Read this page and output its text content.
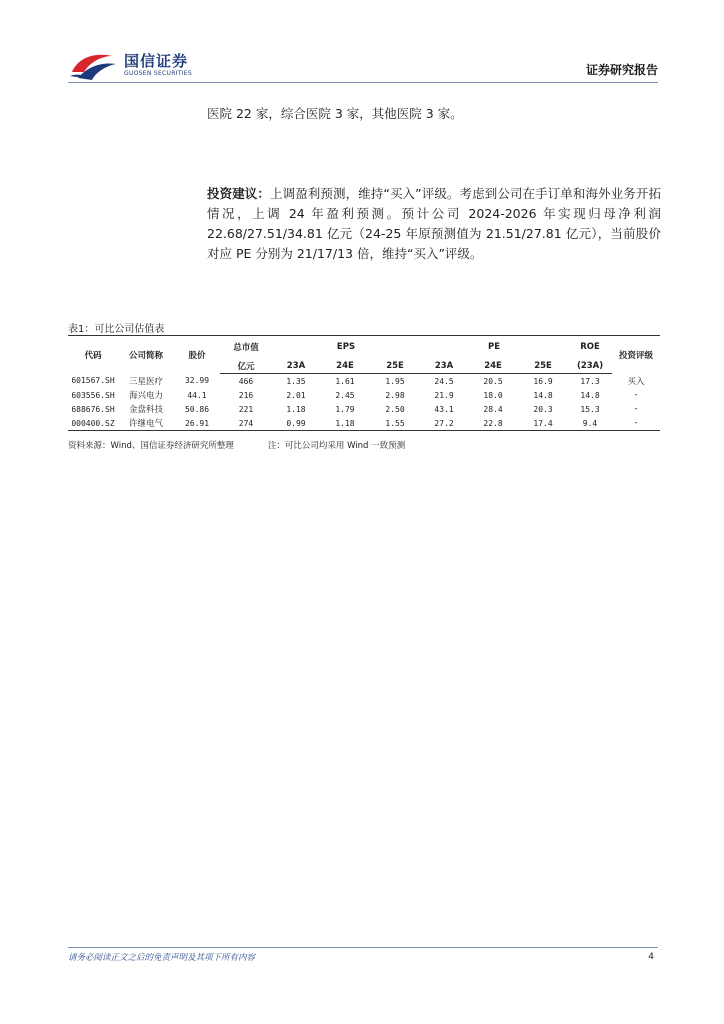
国信证券
GUOSEN SECURITIES	证券研究报告
医院 22 家，综合医院 3 家，其他医院 3 家。
投资建议：上调盈利预测，维持“买入”评级。考虑到公司在手订单和海外业务开拓情况，上调 24 年盈利预测。预计公司 2024-2026 年实现归母净利润 22.68/27.51/34.81 亿元（24-25 年原预测值为 21.51/27.81 亿元），当前股价对应 PE 分别为 21/17/13 倍，维持“买入”评级。
表1：可比公司估值表
代码	公司简称	股价	总市值	EPS			PE			ROE	投资评级
			亿元	23A	24E	25E	23A	24E	25E	(23A)	
601567.SH	三星医疗	32.99	466	1.35	1.61	1.95	24.5	20.5	16.9	17.3	买入
603556.SH	海兴电力	44.1	216	2.01	2.45	2.98	21.9	18.0	14.8	14.8	-
688676.SH	金盘科技	50.86	221	1.18	1.79	2.50	43.1	28.4	20.3	15.3	-
000400.SZ	许继电气	26.91	274	0.99	1.18	1.55	27.2	22.8	17.4	9.4	-
资料来源：Wind、国信证券经济研究所整理	注：可比公司均采用 Wind 一致预测
请务必阅读正文之后的免责声明及其项下所有内容	4
